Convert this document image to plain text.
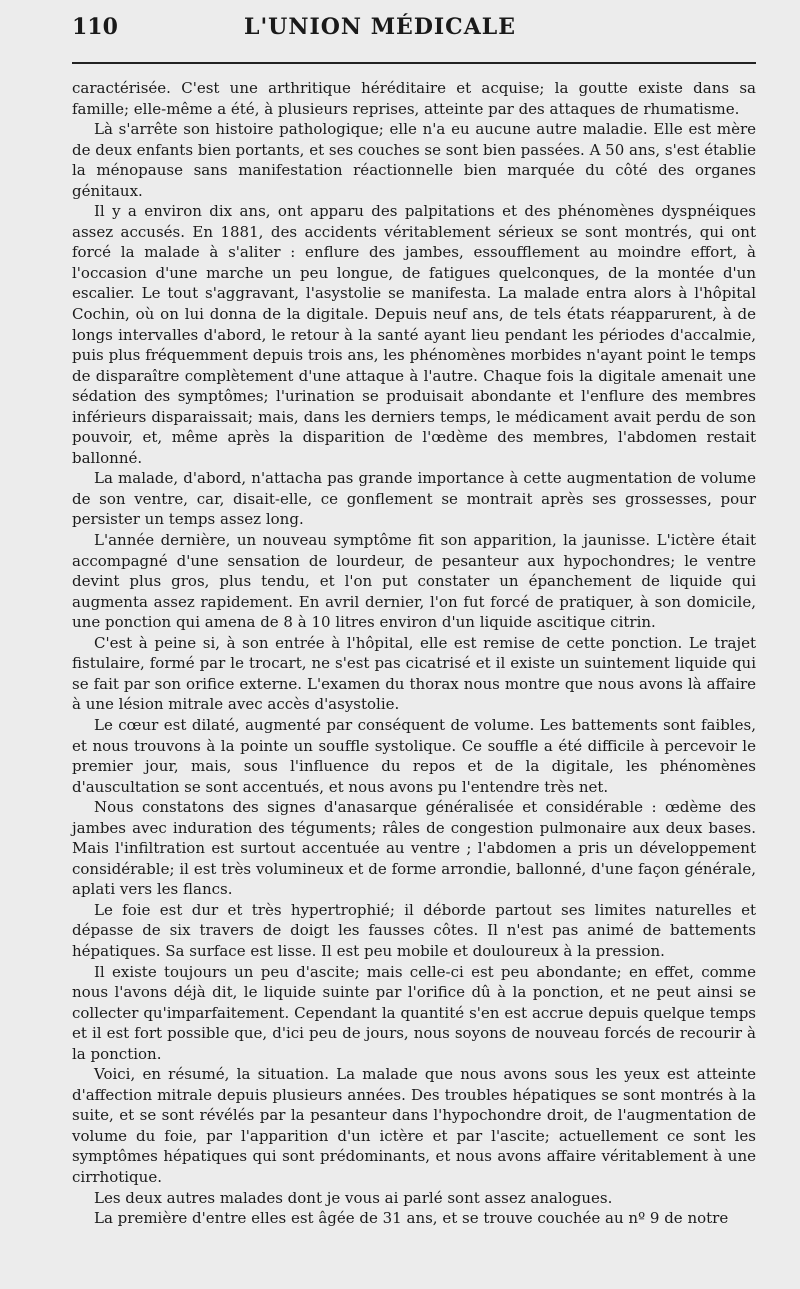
110	L'UNION MÉDICALE

caractérisée. C'est une arthritique héréditaire et acquise; la goutte existe dans sa famille; elle-même a été, à plusieurs reprises, atteinte par des attaques de rhumatisme.

Là s'arrête son histoire pathologique; elle n'a eu aucune autre maladie. Elle est mère de deux enfants bien portants, et ses couches se sont bien passées. A 50 ans, s'est établie la ménopause sans manifestation réactionnelle bien marquée du côté des organes génitaux.

Il y a environ dix ans, ont apparu des palpitations et des phénomènes dyspnéiques assez accusés. En 1881, des accidents véritablement sérieux se sont montrés, qui ont forcé la malade à s'aliter : enflure des jambes, essoufflement au moindre effort, à l'occasion d'une marche un peu longue, de fatigues quelconques, de la montée d'un escalier. Le tout s'aggravant, l'asystolie se manifesta. La malade entra alors à l'hôpital Cochin, où on lui donna de la digitale. Depuis neuf ans, de tels états réapparurent, à de longs intervalles d'abord, le retour à la santé ayant lieu pendant les périodes d'accalmie, puis plus fréquemment depuis trois ans, les phénomènes morbides n'ayant point le temps de disparaître complètement d'une attaque à l'autre. Chaque fois la digitale amenait une sédation des symptômes; l'urination se produisait abondante et l'enflure des membres inférieurs disparaissait; mais, dans les derniers temps, le médicament avait perdu de son pouvoir, et, même après la disparition de l'œdème des membres, l'abdomen restait ballonné.

La malade, d'abord, n'attacha pas grande importance à cette augmentation de volume de son ventre, car, disait-elle, ce gonflement se montrait après ses grossesses, pour persister un temps assez long.

L'année dernière, un nouveau symptôme fit son apparition, la jaunisse. L'ictère était accompagné d'une sensation de lourdeur, de pesanteur aux hypochondres; le ventre devint plus gros, plus tendu, et l'on put constater un épanchement de liquide qui augmenta assez rapidement. En avril dernier, l'on fut forcé de pratiquer, à son domicile, une ponction qui amena de 8 à 10 litres environ d'un liquide ascitique citrin.

C'est à peine si, à son entrée à l'hôpital, elle est remise de cette ponction. Le trajet fistulaire, formé par le trocart, ne s'est pas cicatrisé et il existe un suintement liquide qui se fait par son orifice externe. L'examen du thorax nous montre que nous avons là affaire à une lésion mitrale avec accès d'asystolie.

Le cœur est dilaté, augmenté par conséquent de volume. Les battements sont faibles, et nous trouvons à la pointe un souffle systolique. Ce souffle a été difficile à percevoir le premier jour, mais, sous l'influence du repos et de la digitale, les phénomènes d'auscultation se sont accentués, et nous avons pu l'entendre très net.

Nous constatons des signes d'anasarque généralisée et considérable : œdème des jambes avec induration des téguments; râles de congestion pulmonaire aux deux bases. Mais l'infiltration est surtout accentuée au ventre ; l'abdomen a pris un développement considérable; il est très volumineux et de forme arrondie, ballonné, d'une façon générale, aplati vers les flancs.

Le foie est dur et très hypertrophié; il déborde partout ses limites naturelles et dépasse de six travers de doigt les fausses côtes. Il n'est pas animé de battements hépatiques. Sa surface est lisse. Il est peu mobile et douloureux à la pression.

Il existe toujours un peu d'ascite; mais celle-ci est peu abondante; en effet, comme nous l'avons déjà dit, le liquide suinte par l'orifice dû à la ponction, et ne peut ainsi se collecter qu'imparfaitement. Cependant la quantité s'en est accrue depuis quelque temps et il est fort possible que, d'ici peu de jours, nous soyons de nouveau forcés de recourir à la ponction.

Voici, en résumé, la situation. La malade que nous avons sous les yeux est atteinte d'affection mitrale depuis plusieurs années. Des troubles hépatiques se sont montrés à la suite, et se sont révélés par la pesanteur dans l'hypochondre droit, de l'augmentation de volume du foie, par l'apparition d'un ictère et par l'ascite; actuellement ce sont les symptômes hépatiques qui sont prédominants, et nous avons affaire véritablement à une cirrhotique.

Les deux autres malades dont je vous ai parlé sont assez analogues.

La première d'entre elles est âgée de 31 ans, et se trouve couchée au nº 9 de notre
